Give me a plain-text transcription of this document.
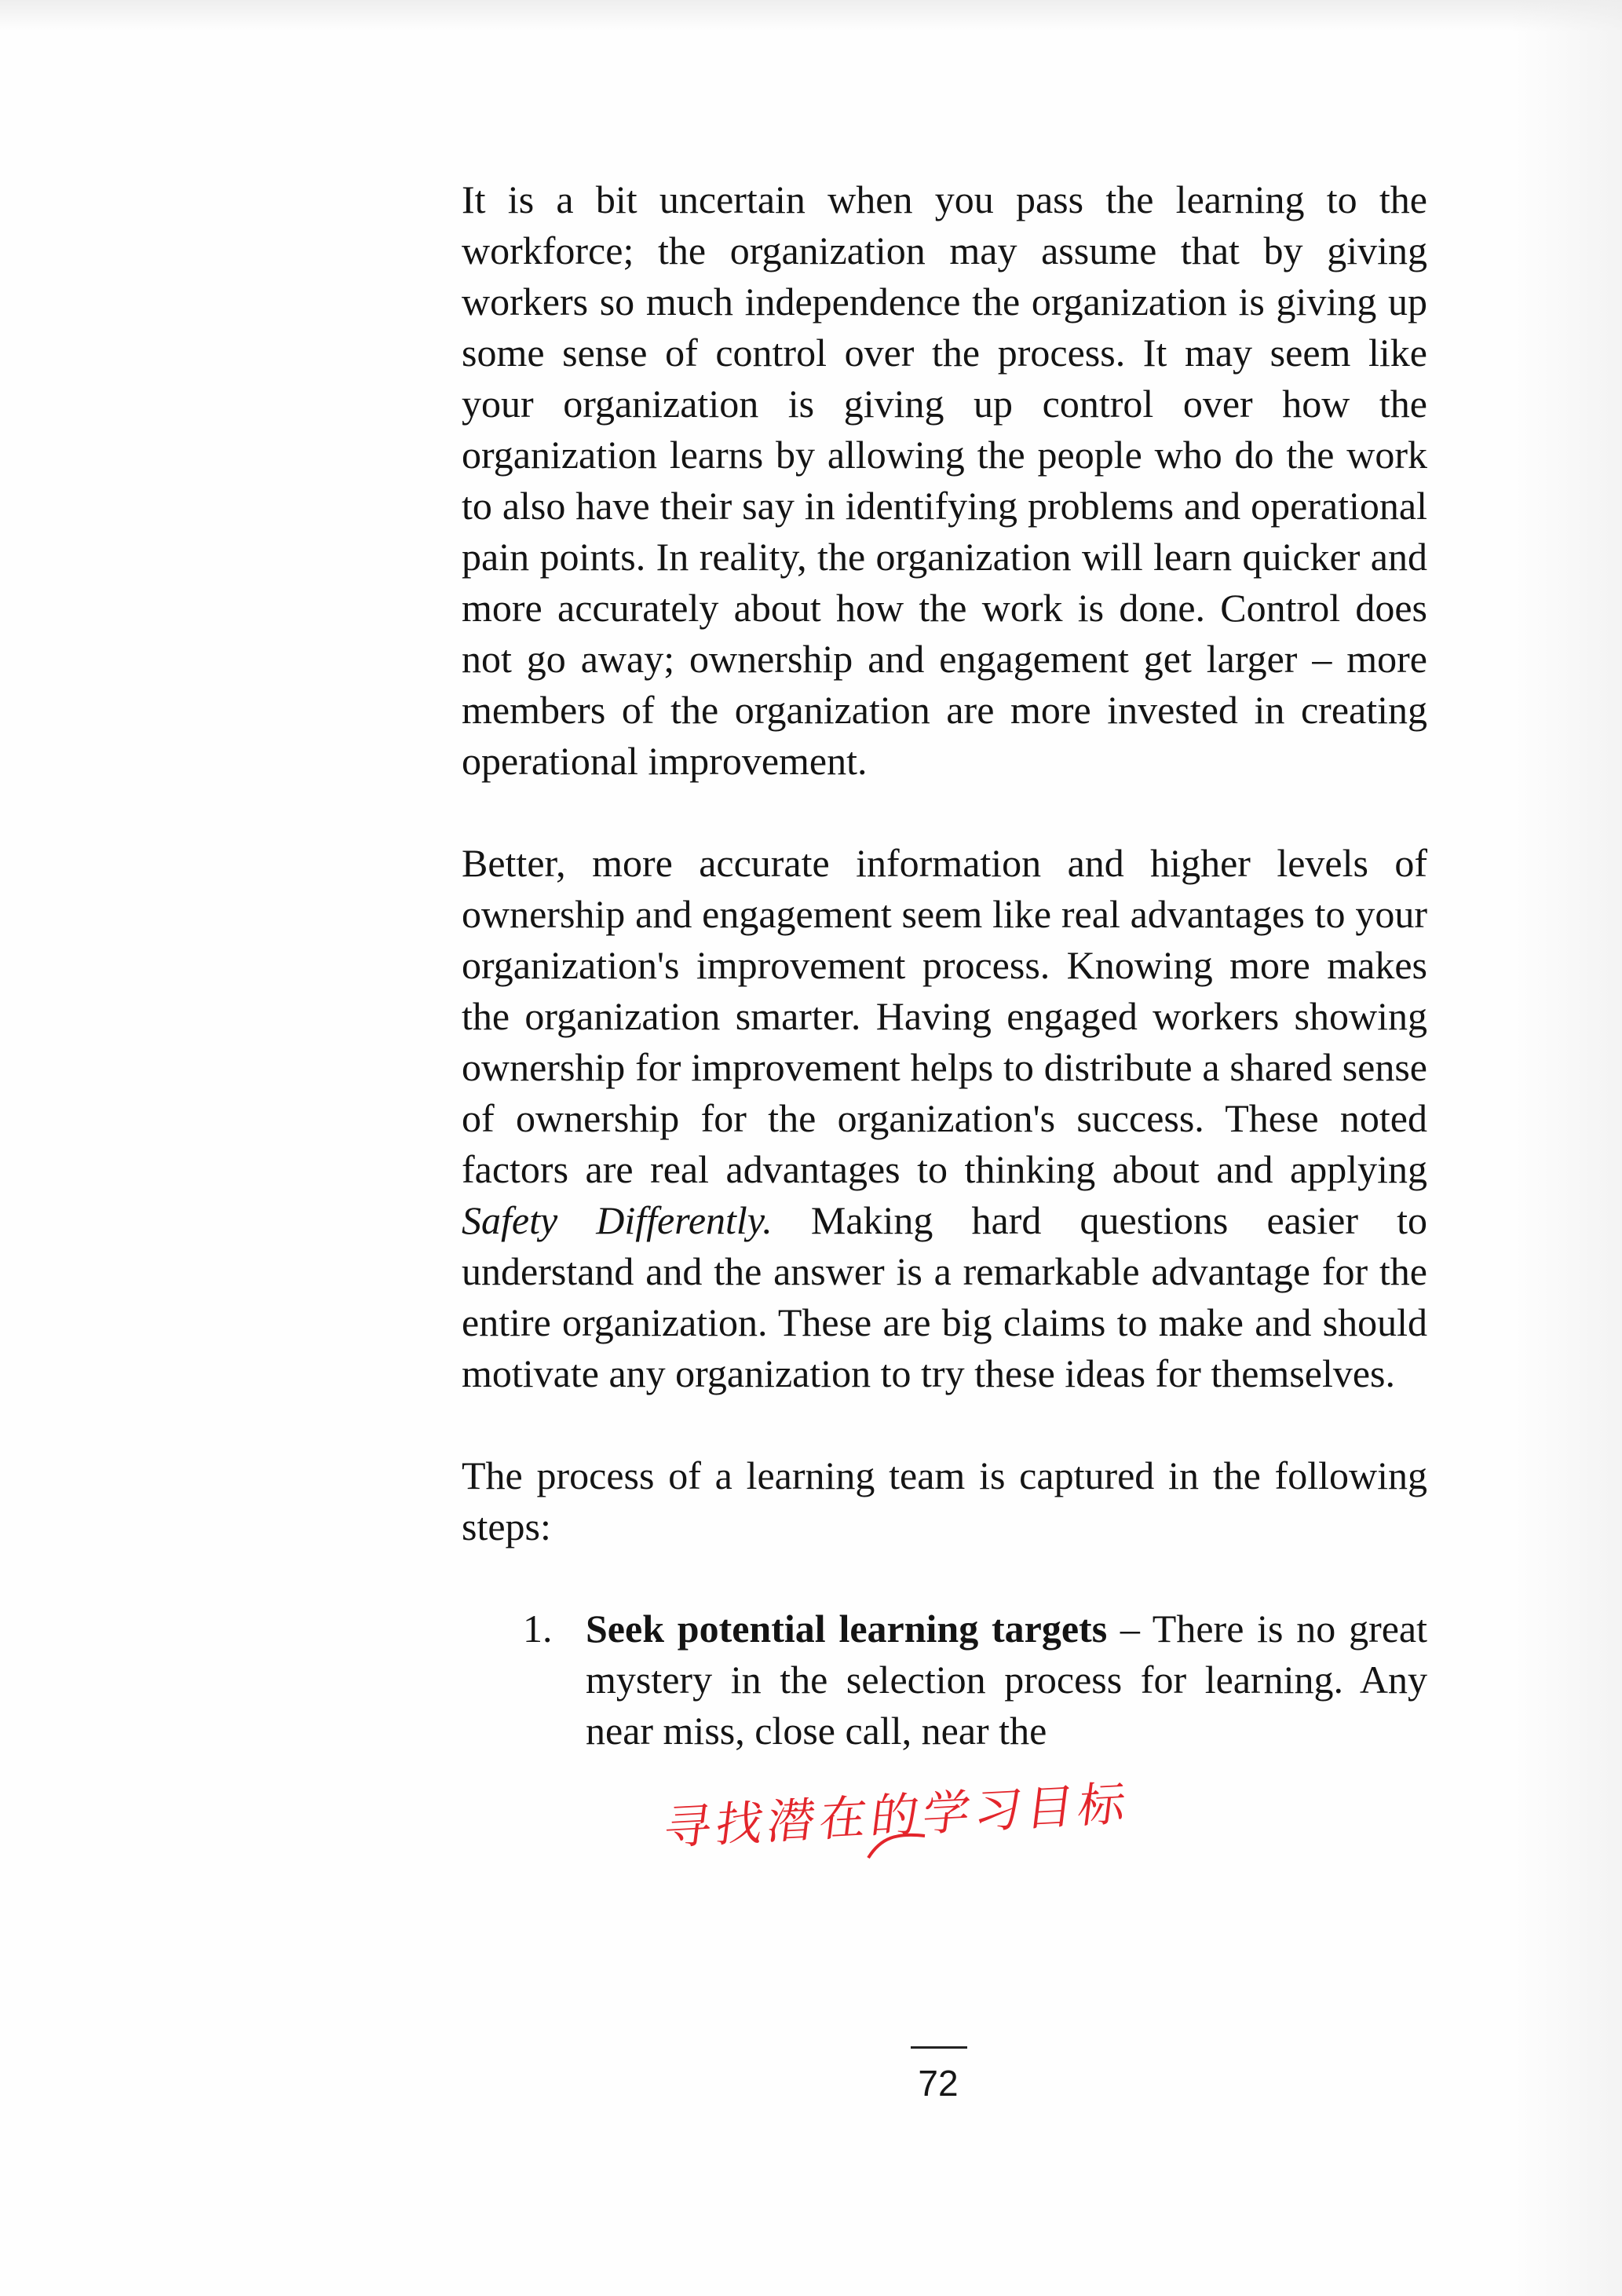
It is a bit uncertain when you pass the learning to the workforce; the organization may assume that by giving workers so much independence the organization is giving up some sense of control over the process. It may seem like your organization is giving up control over how the organization learns by allowing the people who do the work to also have their say in identifying problems and operational pain points. In reality, the organization will learn quicker and more accurately about how the work is done. Control does not go away; ownership and engagement get larger – more members of the organization are more invested in creating operational improvement.

Better, more accurate information and higher levels of ownership and engagement seem like real advantages to your organization's improvement process. Knowing more makes the organization smarter. Having engaged workers showing ownership for improvement helps to distribute a shared sense of ownership for the organization's success. These noted factors are real advantages to thinking about and applying Safety Differently. Making hard questions easier to understand and the answer is a remarkable advantage for the entire organization. These are big claims to make and should motivate any organization to try these ideas for themselves.

The process of a learning team is captured in the following steps:

1. Seek potential learning targets – There is no great mystery in the selection process for learning. Any near miss, close call, near the
寻找潜在的学习目标
72
